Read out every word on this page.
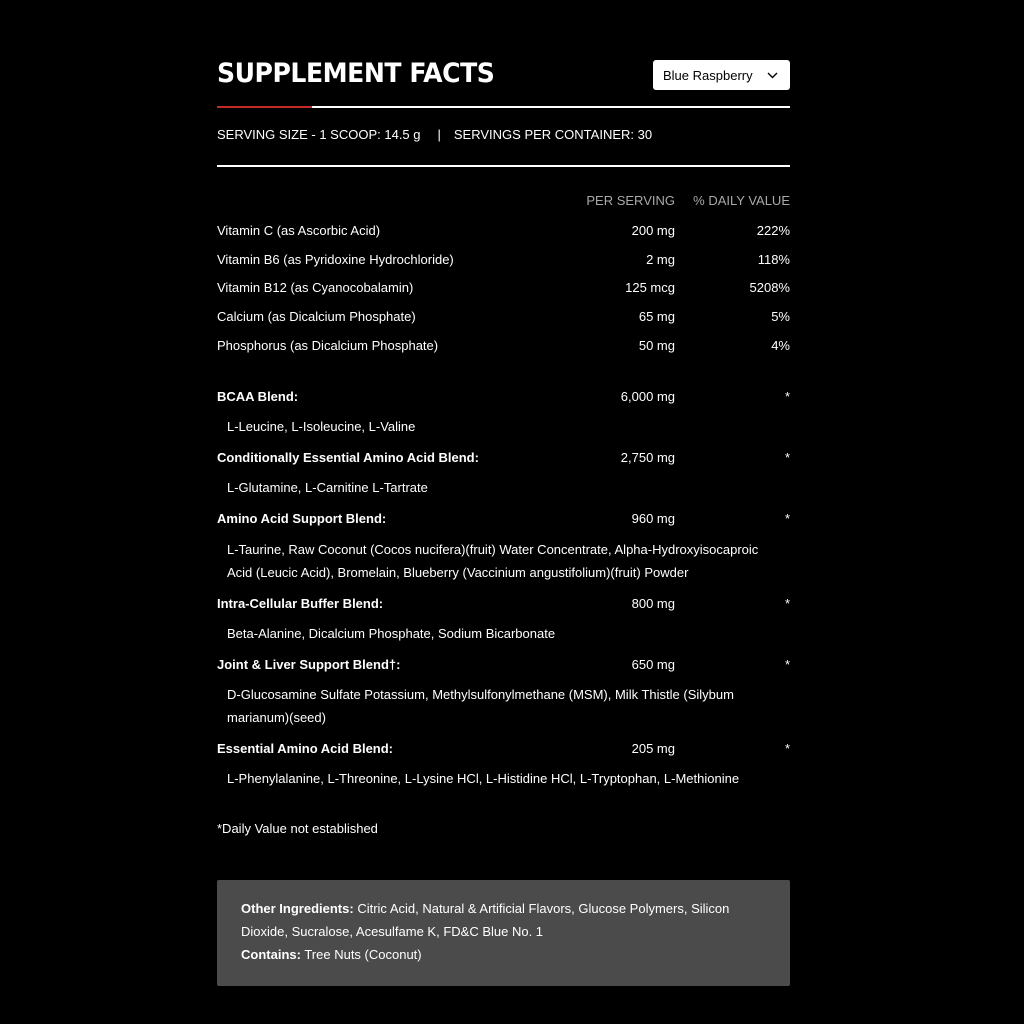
SUPPLEMENT FACTS	Blue Raspberry
SERVING SIZE - 1 SCOOP: 14.5 g | SERVINGS PER CONTAINER: 30
PER SERVING % DAILY VALUE
Vitamin C (as Ascorbic Acid)	200 mg	222%
Vitamin B6 (as Pyridoxine Hydrochloride)	2 mg	118%
Vitamin B12 (as Cyanocobalamin)	125 mcg	5208%
Calcium (as Dicalcium Phosphate)	65 mg	5%
Phosphorus (as Dicalcium Phosphate)	50 mg	4%
BCAA Blend:	6,000 mg	*
L-Leucine, L-Isoleucine, L-Valine
Conditionally Essential Amino Acid Blend:	2,750 mg	*
L-Glutamine, L-Carnitine L-Tartrate
Amino Acid Support Blend:	960 mg	*
L-Taurine, Raw Coconut (Cocos nucifera)(fruit) Water Concentrate, Alpha-Hydroxyisocaproic Acid (Leucic Acid), Bromelain, Blueberry (Vaccinium angustifolium)(fruit) Powder
Intra-Cellular Buffer Blend:	800 mg	*
Beta-Alanine, Dicalcium Phosphate, Sodium Bicarbonate
Joint & Liver Support Blend†:	650 mg	*
D-Glucosamine Sulfate Potassium, Methylsulfonylmethane (MSM), Milk Thistle (Silybum marianum)(seed)
Essential Amino Acid Blend:	205 mg	*
L-Phenylalanine, L-Threonine, L-Lysine HCl, L-Histidine HCl, L-Tryptophan, L-Methionine
*Daily Value not established
Other Ingredients: Citric Acid, Natural & Artificial Flavors, Glucose Polymers, Silicon Dioxide, Sucralose, Acesulfame K, FD&C Blue No. 1
Contains: Tree Nuts (Coconut)
